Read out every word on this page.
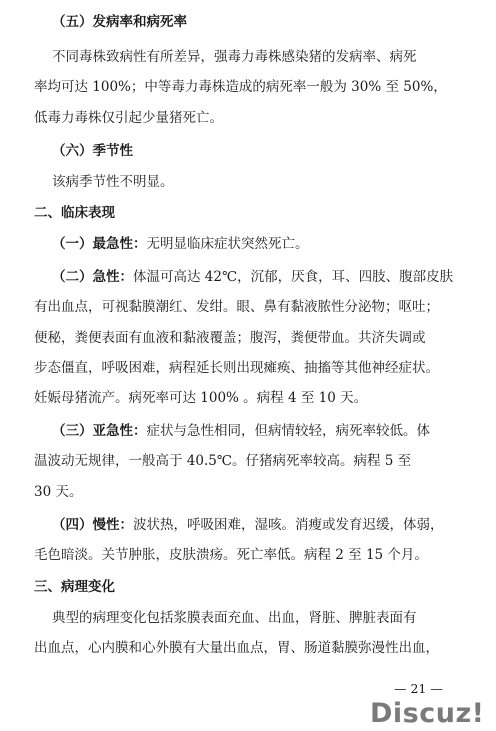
（五）发病率和病死率
不同毒株致病性有所差异，强毒力毒株感染猪的发病率、病死
率均可达 100%；中等毒力毒株造成的病死率一般为 30% 至 50%，
低毒力毒株仅引起少量猪死亡。
（六）季节性
该病季节性不明显。
二、临床表现
（一）最急性：无明显临床症状突然死亡。
（二）急性：体温可高达 42℃，沉郁，厌食，耳、四肢、腹部皮肤
有出血点，可视黏膜潮红、发绀。眼、鼻有黏液脓性分泌物；呕吐；
便秘，粪便表面有血液和黏液覆盖；腹泻，粪便带血。共济失调或
步态僵直，呼吸困难，病程延长则出现瘫痪、抽搐等其他神经症状。
妊娠母猪流产。病死率可达 100% 。病程 4 至 10 天。
（三）亚急性：症状与急性相同，但病情较轻，病死率较低。体
温波动无规律，一般高于 40.5℃。仔猪病死率较高。病程 5 至
30 天。
（四）慢性：波状热，呼吸困难，湿咳。消瘦或发育迟缓，体弱，
毛色暗淡。关节肿胀，皮肤溃疡。死亡率低。病程 2 至 15 个月。
三、病理变化
典型的病理变化包括浆膜表面充血、出血，肾脏、脾脏表面有
出血点，心内膜和心外膜有大量出血点，胃、肠道黏膜弥漫性出血，
— 21 —
Discuz!
